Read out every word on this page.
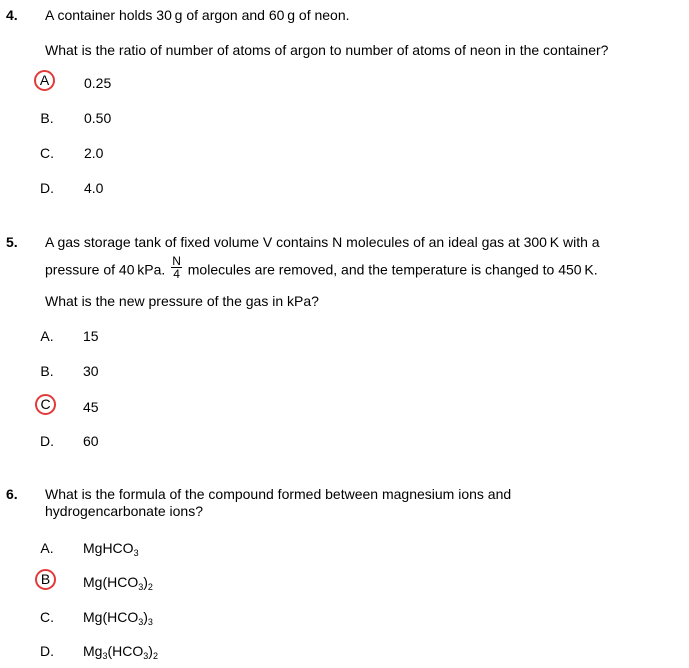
4. A container holds 30 g of argon and 60 g of neon.
What is the ratio of number of atoms of argon to number of atoms of neon in the container?
A	0.25
B. 0.50
C. 2.0
D. 4.0
5. A gas storage tank of fixed volume V contains N molecules of an ideal gas at 300 K with a
pressure of 40 kPa. $\frac{N}{4}$ molecules are removed, and the temperature is changed to 450 K.
What is the new pressure of the gas in kPa?
A. 15
B. 30
C	45
D. 60
6. What is the formula of the compound formed between magnesium ions and
hydrogencarbonate ions?
A. MgHCO$_3$
B	$Mg(HCO_3)_2$
C. $Mg(HCO_3)_3$
D. $Mg_3(HCO_3)_2$
